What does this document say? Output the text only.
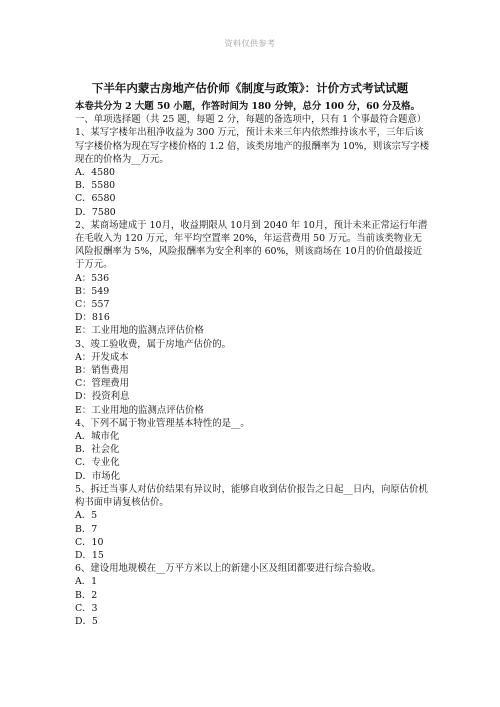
资料仅供参考
下半年内蒙古房地产估价师《制度与政策》：计价方式考试试题
本卷共分为 2 大题 50 小题，作答时间为 180 分钟，总分 100 分，60 分及格。
一、单项选择题（共 25 题，每题 2 分，每题的备选项中，只有 1 个事最符合题意）
1、某写字楼年出租净收益为 300 万元，预计未来三年内依然维持该水平，三年后该写字楼价格为现在写字楼价格的 1.2 倍，该类房地产的报酬率为 10%，则该宗写字楼现在的价格为__万元。
A．4580
B．5580
C．6580
D．7580
2、某商场建成于 10月，收益期限从 10月到 2040 年 10月，预计未来正常运行年潜在毛收入为 120 万元，年平均空置率 20%，年运营费用 50 万元。当前该类物业无风险报酬率为 5%，风险报酬率为安全利率的 60%，则该商场在 10月的价值最接近于万元。
A：536
B：549
C：557
D：816
E：工业用地的监测点评估价格
3、竣工验收费，属于房地产估价的。
A：开发成本
B：销售费用
C：管理费用
D：投资利息
E：工业用地的监测点评估价格
4、下列不属于物业管理基本特性的是__。
A．城市化
B．社会化
C．专业化
D．市场化
5、拆迁当事人对估价结果有异议时，能够自收到估价报告之日起__日内，向原估价机构书面申请复核估价。
A．5
B．7
C．10
D．15
6、建设用地规模在__万平方米以上的新建小区及组团都要进行综合验收。
A．1
B．2
C．3
D．5
